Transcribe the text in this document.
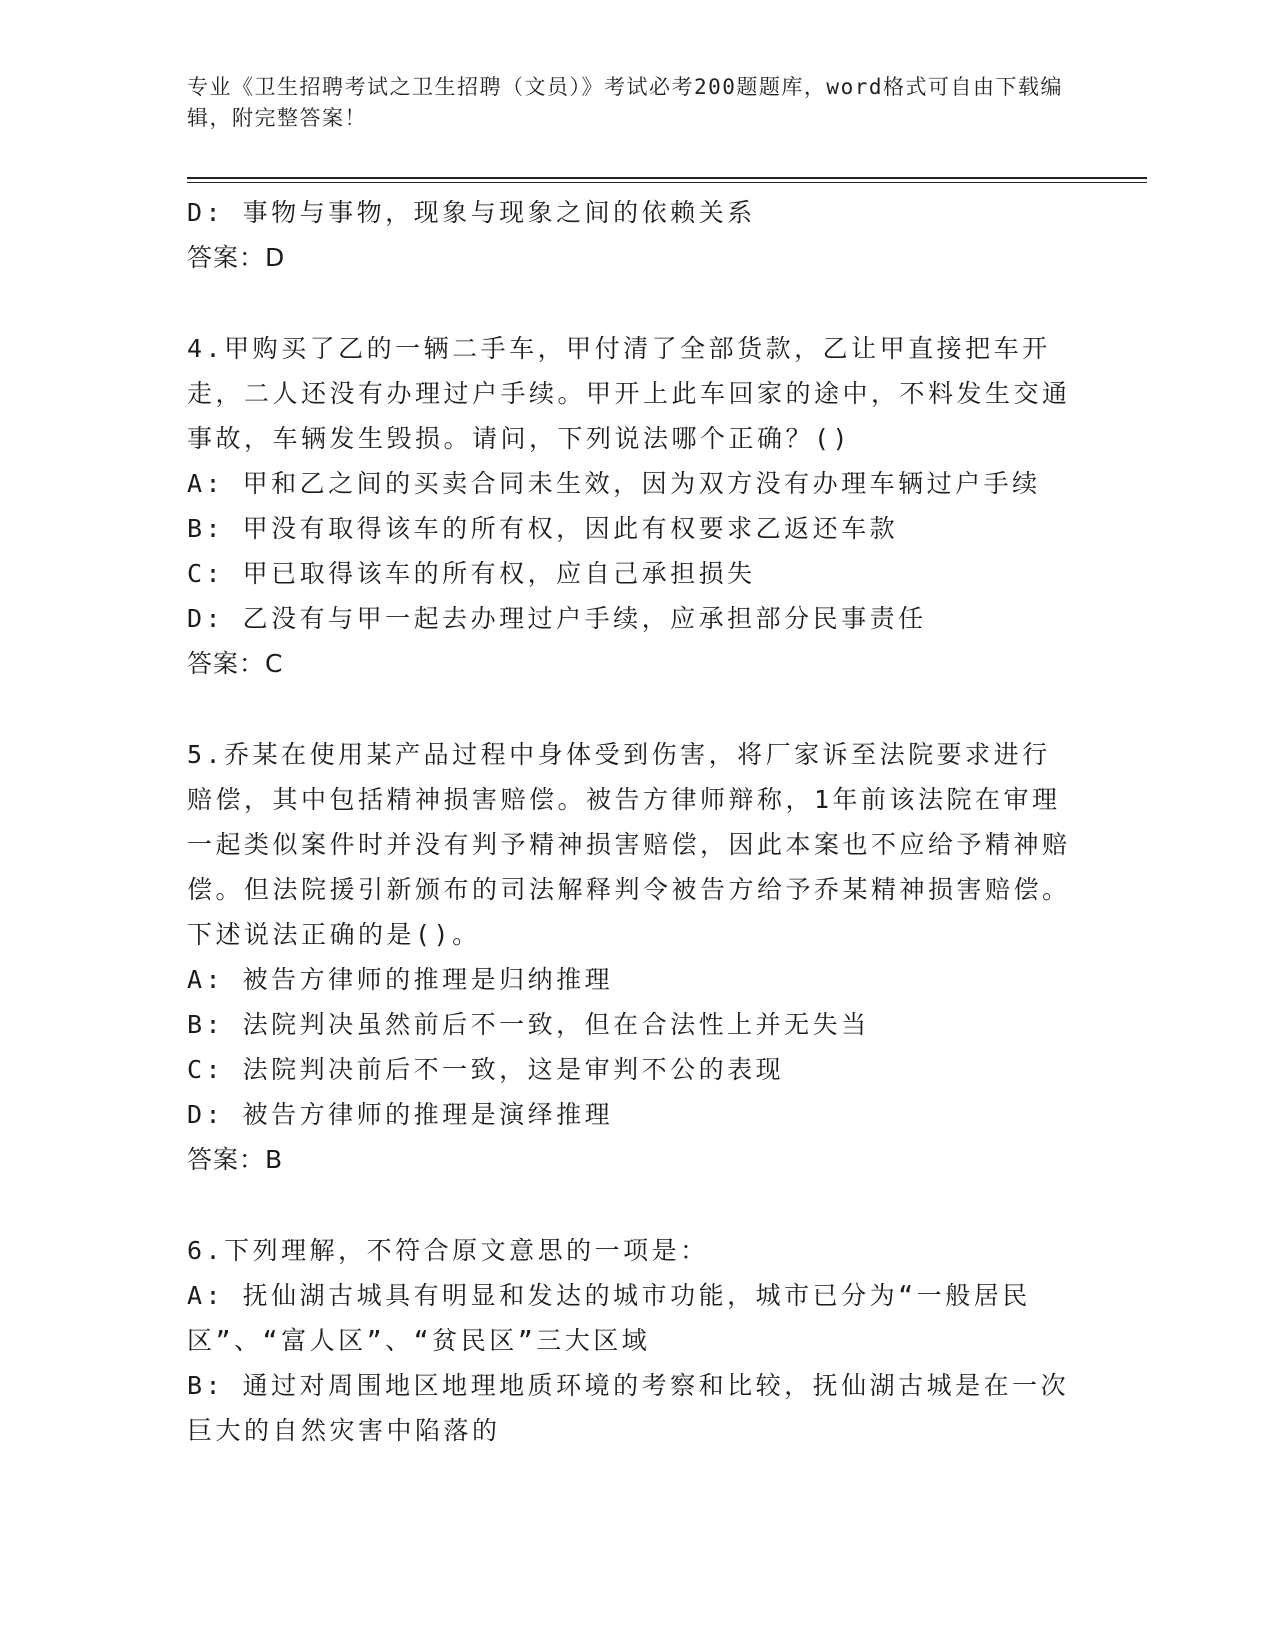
专业《卫生招聘考试之卫生招聘（文员）》考试必考200题题库，word格式可自由下载编辑，附完整答案！

D: 事物与事物，现象与现象之间的依赖关系

答案：D

4.甲购买了乙的一辆二手车，甲付清了全部货款，乙让甲直接把车开走，二人还没有办理过户手续。甲开上此车回家的途中，不料发生交通事故，车辆发生毁损。请问，下列说法哪个正确？()

A: 甲和乙之间的买卖合同未生效，因为双方没有办理车辆过户手续

B: 甲没有取得该车的所有权，因此有权要求乙返还车款

C: 甲已取得该车的所有权，应自己承担损失

D: 乙没有与甲一起去办理过户手续，应承担部分民事责任

答案：C

5.乔某在使用某产品过程中身体受到伤害，将厂家诉至法院要求进行赔偿，其中包括精神损害赔偿。被告方律师辩称，1年前该法院在审理一起类似案件时并没有判予精神损害赔偿，因此本案也不应给予精神赔偿。但法院援引新颁布的司法解释判令被告方给予乔某精神损害赔偿。下述说法正确的是()。

A: 被告方律师的推理是归纳推理

B: 法院判决虽然前后不一致，但在合法性上并无失当

C: 法院判决前后不一致，这是审判不公的表现

D: 被告方律师的推理是演绎推理

答案：B

6.下列理解，不符合原文意思的一项是：

A: 抚仙湖古城具有明显和发达的城市功能，城市已分为“一般居民区”、“富人区”、“贫民区”三大区域

B: 通过对周围地区地理地质环境的考察和比较，抚仙湖古城是在一次巨大的自然灾害中陷落的
